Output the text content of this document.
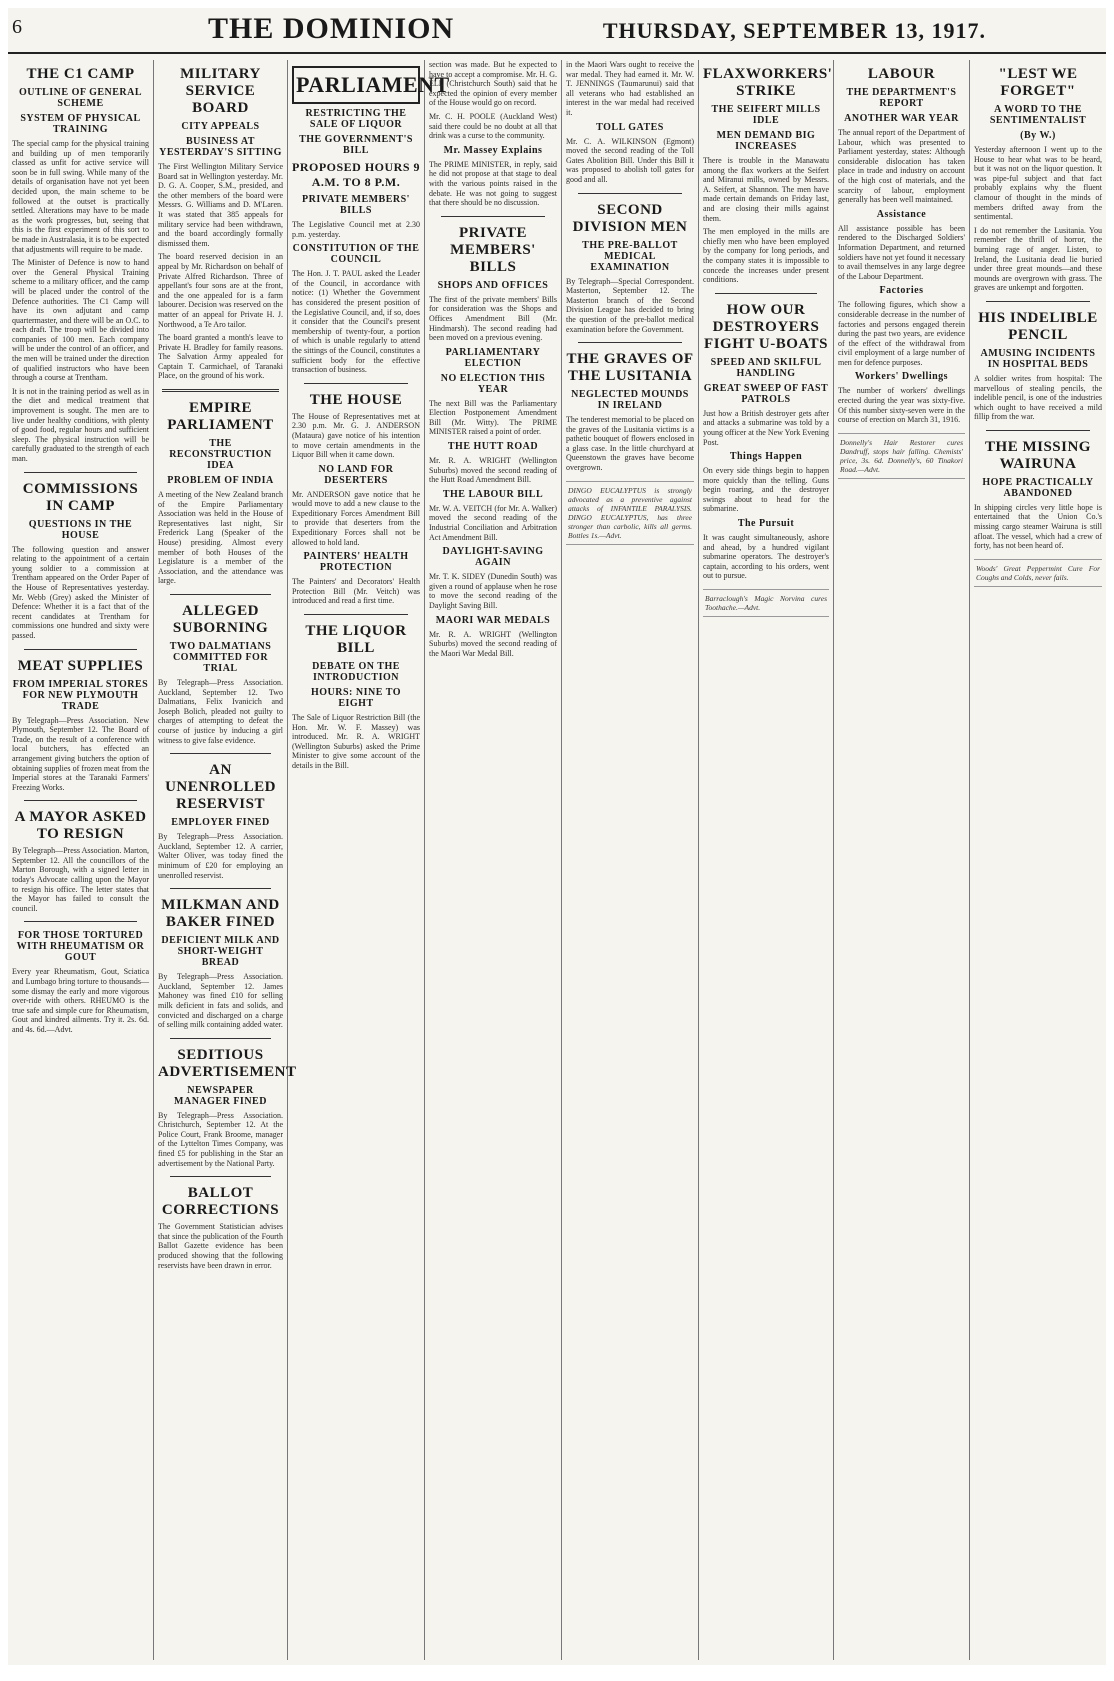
6	THE DOMINION	THURSDAY, SEPTEMBER 13, 1917.
THE C1 CAMP
OUTLINE OF GENERAL SCHEME
SYSTEM OF PHYSICAL TRAINING

The special camp for the physical training and building up of men temporarily classed as unfit for active service will soon be in full swing. While many of the details of organisation have not yet been decided upon, the main scheme to be followed at the outset is practically settled. Alterations may have to be made as the work progresses, but, seeing that this is the first experiment of this sort to be made in Australasia, it is to be expected that adjustments will require to be made.

The Minister of Defence is now to hand over the General Physical Training scheme to a military officer, and the camp will be placed under the control of the Defence authorities. The C1 Camp will have its own adjutant and camp quartermaster, and there will be an O.C. to each draft. The troop will be divided into companies of 100 men. Each company will be under the control of an officer, and the men will be trained under the direction of qualified instructors who have been through a course at Trentham.

It is not in the training period as well as in the diet and medical treatment that improvement is sought. The men are to live under healthy conditions, with plenty of good food, regular hours and sufficient sleep. The physical instruction will be carefully graduated to the strength of each man.

COMMISSIONS IN CAMP
QUESTIONS IN THE HOUSE

The following question and answer relating to the appointment of a certain young soldier to a commission at Trentham appeared on the Order Paper of the House of Representatives yesterday. Mr. Webb (Grey) asked the Minister of Defence: Whether it is a fact that of the recent candidates at Trentham for commissions one hundred and sixty were passed.

MEAT SUPPLIES
FROM IMPERIAL STORES FOR NEW PLYMOUTH TRADE

By Telegraph—Press Association. New Plymouth, September 12. The Board of Trade, on the result of a conference with local butchers, has effected an arrangement giving butchers the option of obtaining supplies of frozen meat from the Imperial stores at the Taranaki Farmers' Freezing Works.

A MAYOR ASKED TO RESIGN

By Telegraph—Press Association. Marton, September 12. All the councillors of the Marton Borough, with a signed letter in today's Advocate calling upon the Mayor to resign his office. The letter states that the Mayor has failed to consult the council.

FOR THOSE TORTURED WITH RHEUMATISM OR GOUT

Every year Rheumatism, Gout, Sciatica and Lumbago bring torture to thousands—some dismay the early and more vigorous over-ride with others. RHEUMO is the true safe and simple cure for Rheumatism, Gout and kindred ailments. Try it. 2s. 6d. and 4s. 6d.—Advt.

MILITARY SERVICE BOARD
CITY APPEALS
BUSINESS AT YESTERDAY'S SITTING

The First Wellington Military Service Board sat in Wellington yesterday. Mr. D. G. A. Cooper, S.M., presided, and the other members of the board were Messrs. G. Williams and D. M'Laren. It was stated that 385 appeals for military service had been withdrawn, and the board accordingly formally dismissed them.

The board reserved decision in an appeal by Mr. Richardson on behalf of Private Alfred Richardson. Three of appellant's four sons are at the front, and the one appealed for is a farm labourer. Decision was reserved on the matter of an appeal for Private H. J. Northwood, a Te Aro tailor.

The board granted a month's leave to Private H. Bradley for family reasons. The Salvation Army appealed for Captain T. Carmichael, of Taranaki Place, on the ground of his work.

EMPIRE PARLIAMENT
THE RECONSTRUCTION IDEA
PROBLEM OF INDIA

A meeting of the New Zealand branch of the Empire Parliamentary Association was held in the House of Representatives last night, Sir Frederick Lang (Speaker of the House) presiding. Almost every member of both Houses of the Legislature is a member of the Association, and the attendance was large.

ALLEGED SUBORNING
TWO DALMATIANS COMMITTED FOR TRIAL

By Telegraph—Press Association. Auckland, September 12. Two Dalmatians, Felix Ivanicich and Joseph Bolich, pleaded not guilty to charges of attempting to defeat the course of justice by inducing a girl witness to give false evidence.

AN UNENROLLED RESERVIST
EMPLOYER FINED

By Telegraph—Press Association. Auckland, September 12. A carrier, Walter Oliver, was today fined the minimum of £20 for employing an unenrolled reservist.

MILKMAN AND BAKER FINED
DEFICIENT MILK AND SHORT-WEIGHT BREAD

By Telegraph—Press Association. Auckland, September 12. James Mahoney was fined £10 for selling milk deficient in fats and solids, and convicted and discharged on a charge of selling milk containing added water.

SEDITIOUS ADVERTISEMENT
NEWSPAPER MANAGER FINED

By Telegraph—Press Association. Christchurch, September 12. At the Police Court, Frank Broome, manager of the Lyttelton Times Company, was fined £5 for publishing in the Star an advertisement by the National Party.

BALLOT CORRECTIONS

The Government Statistician advises that since the publication of the Fourth Ballot Gazette evidence has been produced showing that the following reservists have been drawn in error.

PARLIAMENT
RESTRICTING THE SALE OF LIQUOR
THE GOVERNMENT'S BILL
PROPOSED HOURS 9 A.M. TO 8 P.M.
PRIVATE MEMBERS' BILLS

The Legislative Council met at 2.30 p.m. yesterday.

CONSTITUTION OF THE COUNCIL

The Hon. J. T. PAUL asked the Leader of the Council, in accordance with notice: (1) Whether the Government has considered the present position of the Legislative Council, and, if so, does it consider that the Council's present membership of twenty-four, a portion of which is unable regularly to attend the sittings of the Council, constitutes a sufficient body for the effective transaction of business.

THE HOUSE

The House of Representatives met at 2.30 p.m. Mr. G. J. ANDERSON (Mataura) gave notice of his intention to move certain amendments in the Liquor Bill when it came down.

NO LAND FOR DESERTERS

Mr. ANDERSON gave notice that he would move to add a new clause to the Expeditionary Forces Amendment Bill to provide that deserters from the Expeditionary Forces shall not be allowed to hold land.

PAINTERS' HEALTH PROTECTION

The Painters' and Decorators' Health Protection Bill (Mr. Veitch) was introduced and read a first time.

THE LIQUOR BILL
DEBATE ON THE INTRODUCTION
HOURS: NINE TO EIGHT

The Sale of Liquor Restriction Bill (the Hon. Mr. W. F. Massey) was introduced. Mr. R. A. WRIGHT (Wellington Suburbs) asked the Prime Minister to give some account of the details in the Bill.

section was made. But he expected to have to accept a compromise. Mr. H. G. ELL (Christchurch South) said that he expected the opinion of every member of the House would go on record.

Mr. C. H. POOLE (Auckland West) said there could be no doubt at all that drink was a curse to the community.

Mr. Massey Explains

The PRIME MINISTER, in reply, said he did not propose at that stage to deal with the various points raised in the debate. He was not going to suggest that there should be no discussion.

PRIVATE MEMBERS' BILLS
SHOPS AND OFFICES

The first of the private members' Bills for consideration was the Shops and Offices Amendment Bill (Mr. Hindmarsh). The second reading had been moved on a previous evening.

PARLIAMENTARY ELECTION
NO ELECTION THIS YEAR

The next Bill was the Parliamentary Election Postponement Amendment Bill (Mr. Witty). The PRIME MINISTER raised a point of order.

THE HUTT ROAD

Mr. R. A. WRIGHT (Wellington Suburbs) moved the second reading of the Hutt Road Amendment Bill.

THE LABOUR BILL

Mr. W. A. VEITCH (for Mr. A. Walker) moved the second reading of the Industrial Conciliation and Arbitration Act Amendment Bill.

DAYLIGHT-SAVING AGAIN

Mr. T. K. SIDEY (Dunedin South) was given a round of applause when he rose to move the second reading of the Daylight Saving Bill.

MAORI WAR MEDALS

Mr. R. A. WRIGHT (Wellington Suburbs) moved the second reading of the Maori War Medal Bill.

in the Maori Wars ought to receive the war medal. They had earned it. Mr. W. T. JENNINGS (Taumarunui) said that all veterans who had established an interest in the war medal had received it.

TOLL GATES

Mr. C. A. WILKINSON (Egmont) moved the second reading of the Toll Gates Abolition Bill. Under this Bill it was proposed to abolish toll gates for good and all.

SECOND DIVISION MEN
THE PRE-BALLOT MEDICAL EXAMINATION

By Telegraph—Special Correspondent. Masterton, September 12. The Masterton branch of the Second Division League has decided to bring the question of the pre-ballot medical examination before the Government.

THE GRAVES OF THE LUSITANIA
NEGLECTED MOUNDS IN IRELAND

The tenderest memorial to be placed on the graves of the Lusitania victims is a pathetic bouquet of flowers enclosed in a glass case. In the little churchyard at Queenstown the graves have become overgrown.

DINGO EUCALYPTUS is strongly advocated as a preventive against attacks of INFANTILE PARALYSIS. DINGO EUCALYPTUS, has three stronger than carbolic, kills all germs. Bottles 1s.—Advt.

FLAXWORKERS' STRIKE
THE SEIFERT MILLS IDLE
MEN DEMAND BIG INCREASES

There is trouble in the Manawatu among the flax workers at the Seifert and Miranui mills, owned by Messrs. A. Seifert, at Shannon. The men have made certain demands on Friday last, and are closing their mills against them.

The men employed in the mills are chiefly men who have been employed by the company for long periods, and the company states it is impossible to concede the increases under present conditions.

HOW OUR DESTROYERS FIGHT U-BOATS
SPEED AND SKILFUL HANDLING
GREAT SWEEP OF FAST PATROLS

Just how a British destroyer gets after and attacks a submarine was told by a young officer at the New York Evening Post.

Things Happen

On every side things begin to happen more quickly than the telling. Guns begin roaring, and the destroyer swings about to head for the submarine.

The Pursuit

It was caught simultaneously, ashore and ahead, by a hundred vigilant submarine operators. The destroyer's captain, according to his orders, went out to pursue.

Barraclough's Magic Norvina cures Toothache.—Advt.

LABOUR
THE DEPARTMENT'S REPORT
ANOTHER WAR YEAR

The annual report of the Department of Labour, which was presented to Parliament yesterday, states: Although considerable dislocation has taken place in trade and industry on account of the high cost of materials, and the scarcity of labour, employment generally has been well maintained.

Assistance

All assistance possible has been rendered to the Discharged Soldiers' Information Department, and returned soldiers have not yet found it necessary to avail themselves in any large degree of the Labour Department.

Factories

The following figures, which show a considerable decrease in the number of factories and persons engaged therein during the past two years, are evidence of the effect of the withdrawal from civil employment of a large number of men for defence purposes.

Workers' Dwellings

The number of workers' dwellings erected during the year was sixty-five. Of this number sixty-seven were in the course of erection on March 31, 1916.

Donnelly's Hair Restorer cures Dandruff, stops hair falling. Chemists' price, 3s. 6d. Donnelly's, 60 Tinakori Road.—Advt.

"LEST WE FORGET"
A WORD TO THE SENTIMENTALIST
(By W.)

Yesterday afternoon I went up to the House to hear what was to be heard, but it was not on the liquor question. It was pipe-ful subject and that fact probably explains why the fluent clamour of thought in the minds of members drifted away from the sentimental.

I do not remember the Lusitania. You remember the thrill of horror, the burning rage of anger. Listen, to Ireland, the Lusitania dead lie buried under three great mounds—and these mounds are overgrown with grass. The graves are unkempt and forgotten.

HIS INDELIBLE PENCIL
AMUSING INCIDENTS IN HOSPITAL BEDS

A soldier writes from hospital: The marvellous of stealing pencils, the indelible pencil, is one of the industries which ought to have received a mild fillip from the war.

THE MISSING WAIRUNA
HOPE PRACTICALLY ABANDONED

In shipping circles very little hope is entertained that the Union Co.'s missing cargo steamer Wairuna is still afloat. The vessel, which had a crew of forty, has not been heard of.

Woods' Great Peppermint Cure For Coughs and Colds, never fails.
